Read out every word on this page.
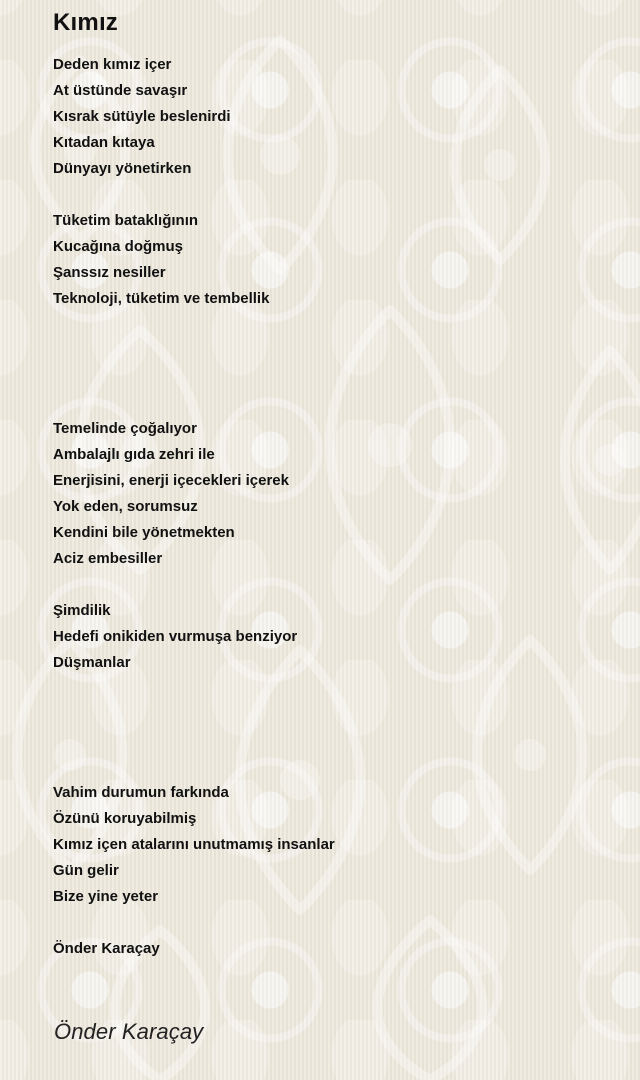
Kımız
Deden kımız içer
At üstünde savaşır
Kısrak sütüyle beslenirdi
Kıtadan kıtaya
Dünyayı yönetirken
Tüketim bataklığının
Kucağına doğmuş
Şanssız nesiller
Teknoloji, tüketim ve tembellik
Temelinde çoğalıyor
Ambalajlı gıda zehri ile
Enerjisini, enerji içecekleri içerek
Yok eden, sorumsuz
Kendini bile yönetmekten
Aciz embesiller
Şimdilik
Hedefi onikiden vurmuşa benziyor
Düşmanlar
Vahim durumun farkında
Özünü koruyabilmiş
Kımız içen atalarını unutmamış insanlar
Gün gelir
Bize yine yeter
Önder Karaçay
Önder Karaçay
